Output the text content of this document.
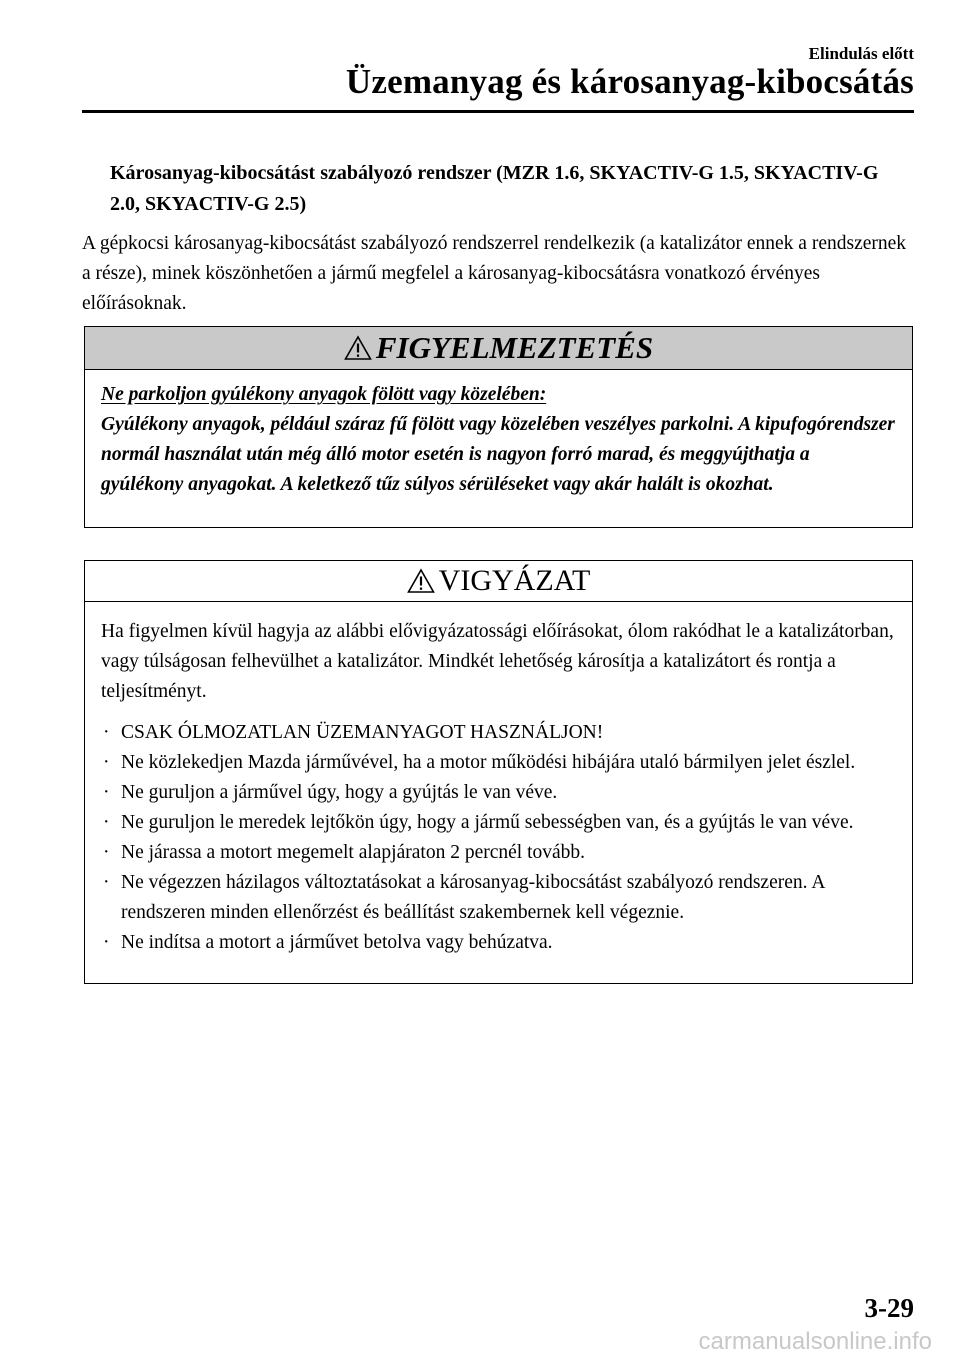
Elindulás előtt
Üzemanyag és károsanyag-kibocsátás
Károsanyag-kibocsátást szabályozó rendszer (MZR 1.6, SKYACTIV-G 1.5, SKYACTIV-G 2.0, SKYACTIV-G 2.5)
A gépkocsi károsanyag-kibocsátást szabályozó rendszerrel rendelkezik (a katalizátor ennek a rendszernek a része), minek köszönhetően a jármű megfelel a károsanyag-kibocsátásra vonatkozó érvényes előírásoknak.
FIGYELMEZTETÉS
Ne parkoljon gyúlékony anyagok fölött vagy közelében:
Gyúlékony anyagok, például száraz fű fölött vagy közelében veszélyes parkolni. A kipufogórendszer normál használat után még álló motor esetén is nagyon forró marad, és meggyújthatja a gyúlékony anyagokat. A keletkező tűz súlyos sérüléseket vagy akár halált is okozhat.
VIGYÁZAT
Ha figyelmen kívül hagyja az alábbi elővigyázatossági előírásokat, ólom rakódhat le a katalizátorban, vagy túlságosan felhevülhet a katalizátor. Mindkét lehetőség károsítja a katalizátort és rontja a teljesítményt.
· CSAK ÓLMOZATLAN ÜZEMANYAGOT HASZNÁLJON!
· Ne közlekedjen Mazda járművével, ha a motor működési hibájára utaló bármilyen jelet észlel.
· Ne guruljon a járművel úgy, hogy a gyújtás le van véve.
· Ne guruljon le meredek lejtőkön úgy, hogy a jármű sebességben van, és a gyújtás le van véve.
· Ne járassa a motort megemelt alapjáraton 2 percnél tovább.
· Ne végezzen házilagos változtatásokat a károsanyag-kibocsátást szabályozó rendszeren. A rendszeren minden ellenőrzést és beállítást szakembernek kell végeznie.
· Ne indítsa a motort a járművet betolva vagy behúzatva.
3-29
carmanualsonline.info
